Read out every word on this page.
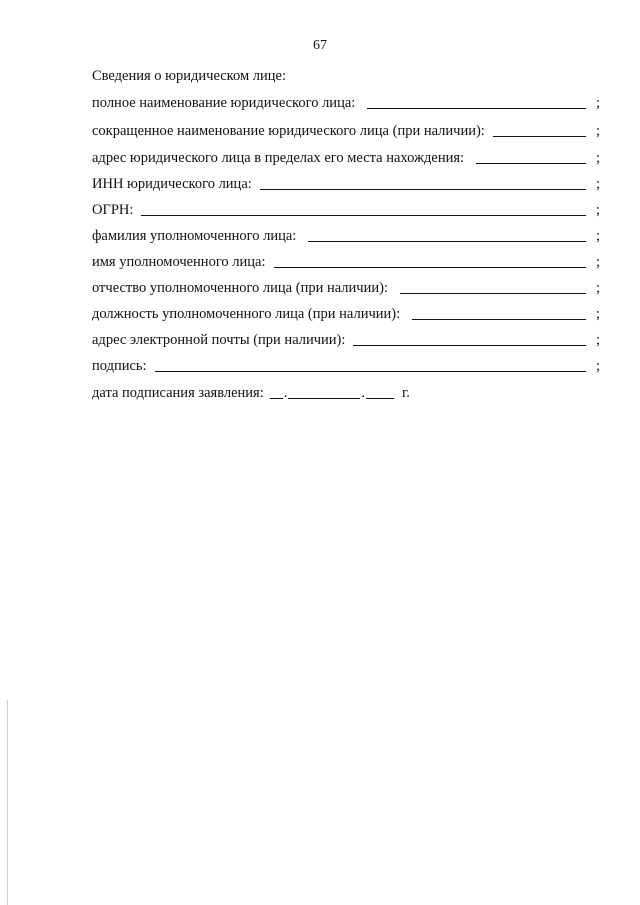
67
Сведения о юридическом лице:
полное наименование юридического лица:	;
сокращенное наименование юридического лица (при наличии):	;
адрес юридического лица в пределах его места нахождения:	;
ИНН юридического лица:	;
ОГРН:	;
фамилия уполномоченного лица:	;
имя уполномоченного лица:	;
отчество уполномоченного лица (при наличии):	;
должность уполномоченного лица (при наличии):	;
адрес электронной почты (при наличии):	;
подпись:	;
дата подписания заявления: .	.	г.
